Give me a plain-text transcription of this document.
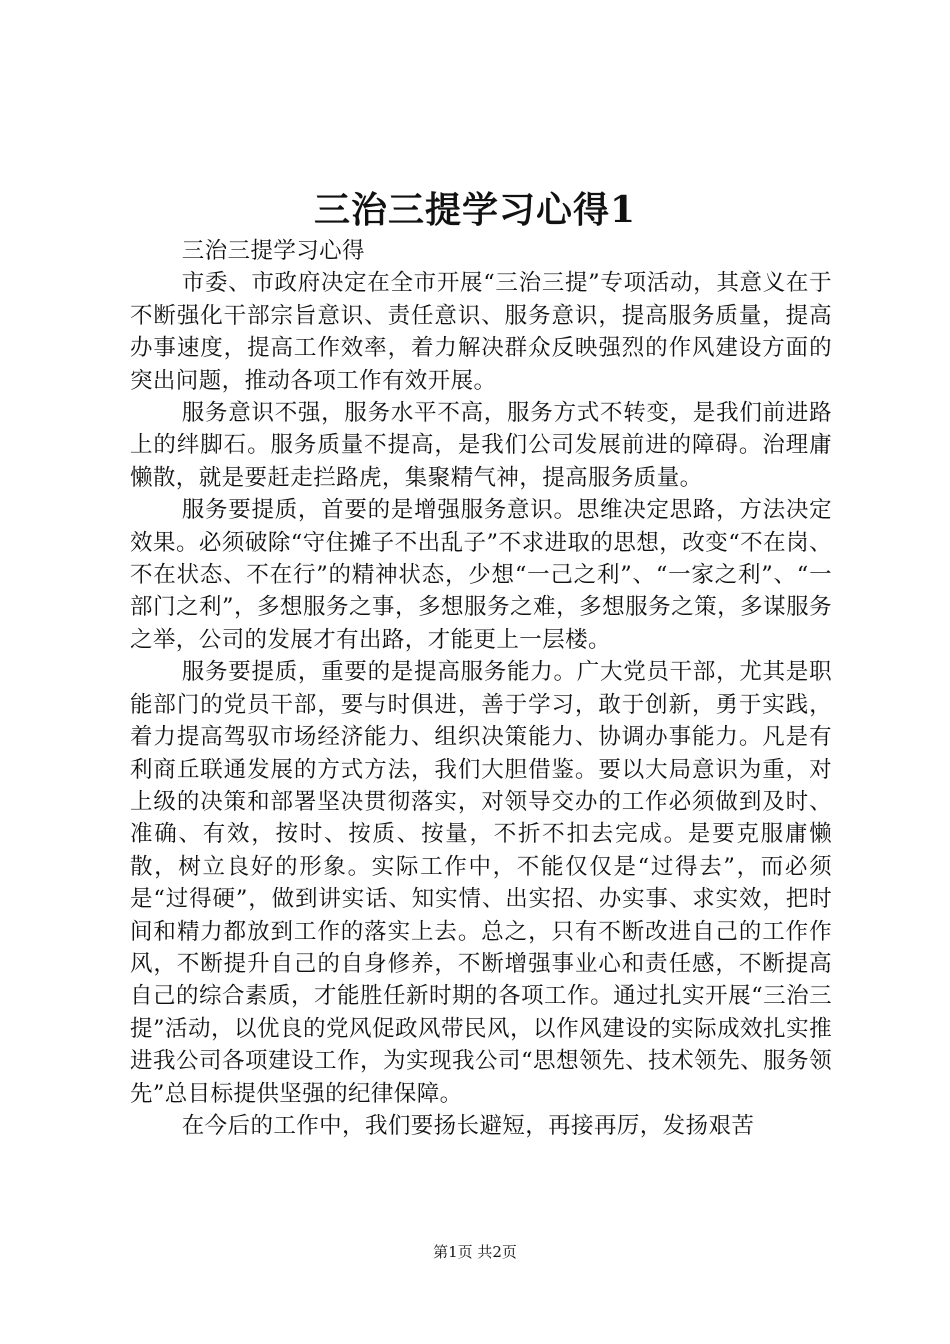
三治三提学习心得1

三治三提学习心得

市委、市政府决定在全市开展“三治三提”专项活动，其意义在于不断强化干部宗旨意识、责任意识、服务意识，提高服务质量，提高办事速度，提高工作效率，着力解决群众反映强烈的作风建设方面的突出问题，推动各项工作有效开展。

服务意识不强，服务水平不高，服务方式不转变，是我们前进路上的绊脚石。服务质量不提高，是我们公司发展前进的障碍。治理庸懒散，就是要赶走拦路虎，集聚精气神，提高服务质量。

服务要提质，首要的是增强服务意识。思维决定思路，方法决定效果。必须破除“守住摊子不出乱子”不求进取的思想，改变“不在岗、不在状态、不在行”的精神状态，少想“一己之利”、“一家之利”、“一部门之利”，多想服务之事，多想服务之难，多想服务之策，多谋服务之举，公司的发展才有出路，才能更上一层楼。

服务要提质，重要的是提高服务能力。广大党员干部，尤其是职能部门的党员干部，要与时俱进，善于学习，敢于创新，勇于实践，着力提高驾驭市场经济能力、组织决策能力、协调办事能力。凡是有利商丘联通发展的方式方法，我们大胆借鉴。要以大局意识为重，对上级的决策和部署坚决贯彻落实，对领导交办的工作必须做到及时、准确、有效，按时、按质、按量，不折不扣去完成。是要克服庸懒散，树立良好的形象。实际工作中，不能仅仅是“过得去”，而必须是“过得硬”，做到讲实话、知实情、出实招、办实事、求实效，把时间和精力都放到工作的落实上去。总之，只有不断改进自己的工作作风，不断提升自己的自身修养，不断增强事业心和责任感，不断提高自己的综合素质，才能胜任新时期的各项工作。通过扎实开展“三治三提”活动，以优良的党风促政风带民风，以作风建设的实际成效扎实推进我公司各项建设工作，为实现我公司“思想领先、技术领先、服务领先”总目标提供坚强的纪律保障。

在今后的工作中，我们要扬长避短，再接再厉，发扬艰苦

第1页 共2页
